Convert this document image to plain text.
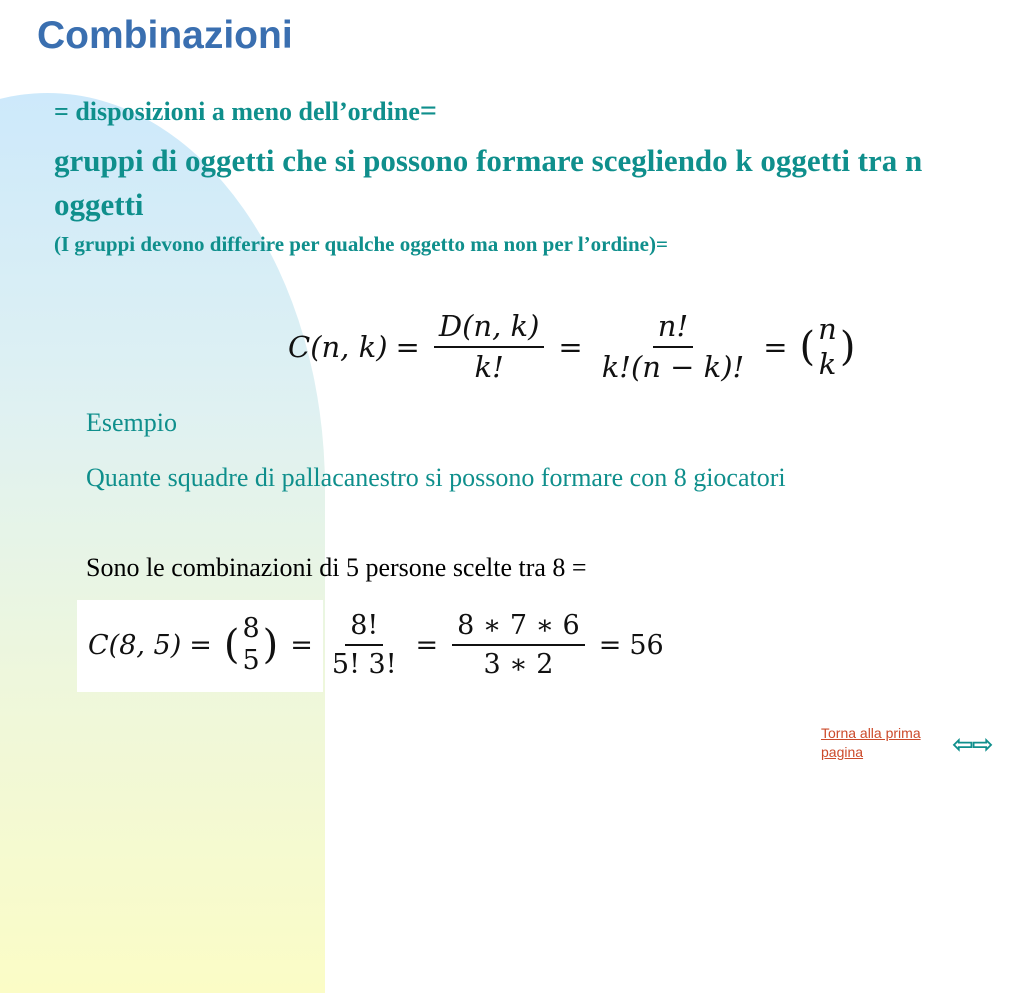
Combinazioni
= disposizioni a meno dell’ordine=
gruppi di oggetti che si possono formare scegliendo k oggetti tra n oggetti
(I gruppi devono differire per qualche oggetto ma non per l’ordine)=
C(n, $k) = \frac{D(n, k)}{k!} = \frac{n!}{k!(n - k)!}$ = ( n
k )
Esempio
Quante squadre di pallacanestro si possono formare con 8 giocatori
Sono le combinazioni di 5 persone scelte tra 8 =
C(8, 5) = ( 8
5 ) = $\frac{8!}{5! 3!} = \frac{8 ∗ 7 ∗ 6}{3 ∗ 2} = 56$
Torna alla prima pagina	⇦⇨
